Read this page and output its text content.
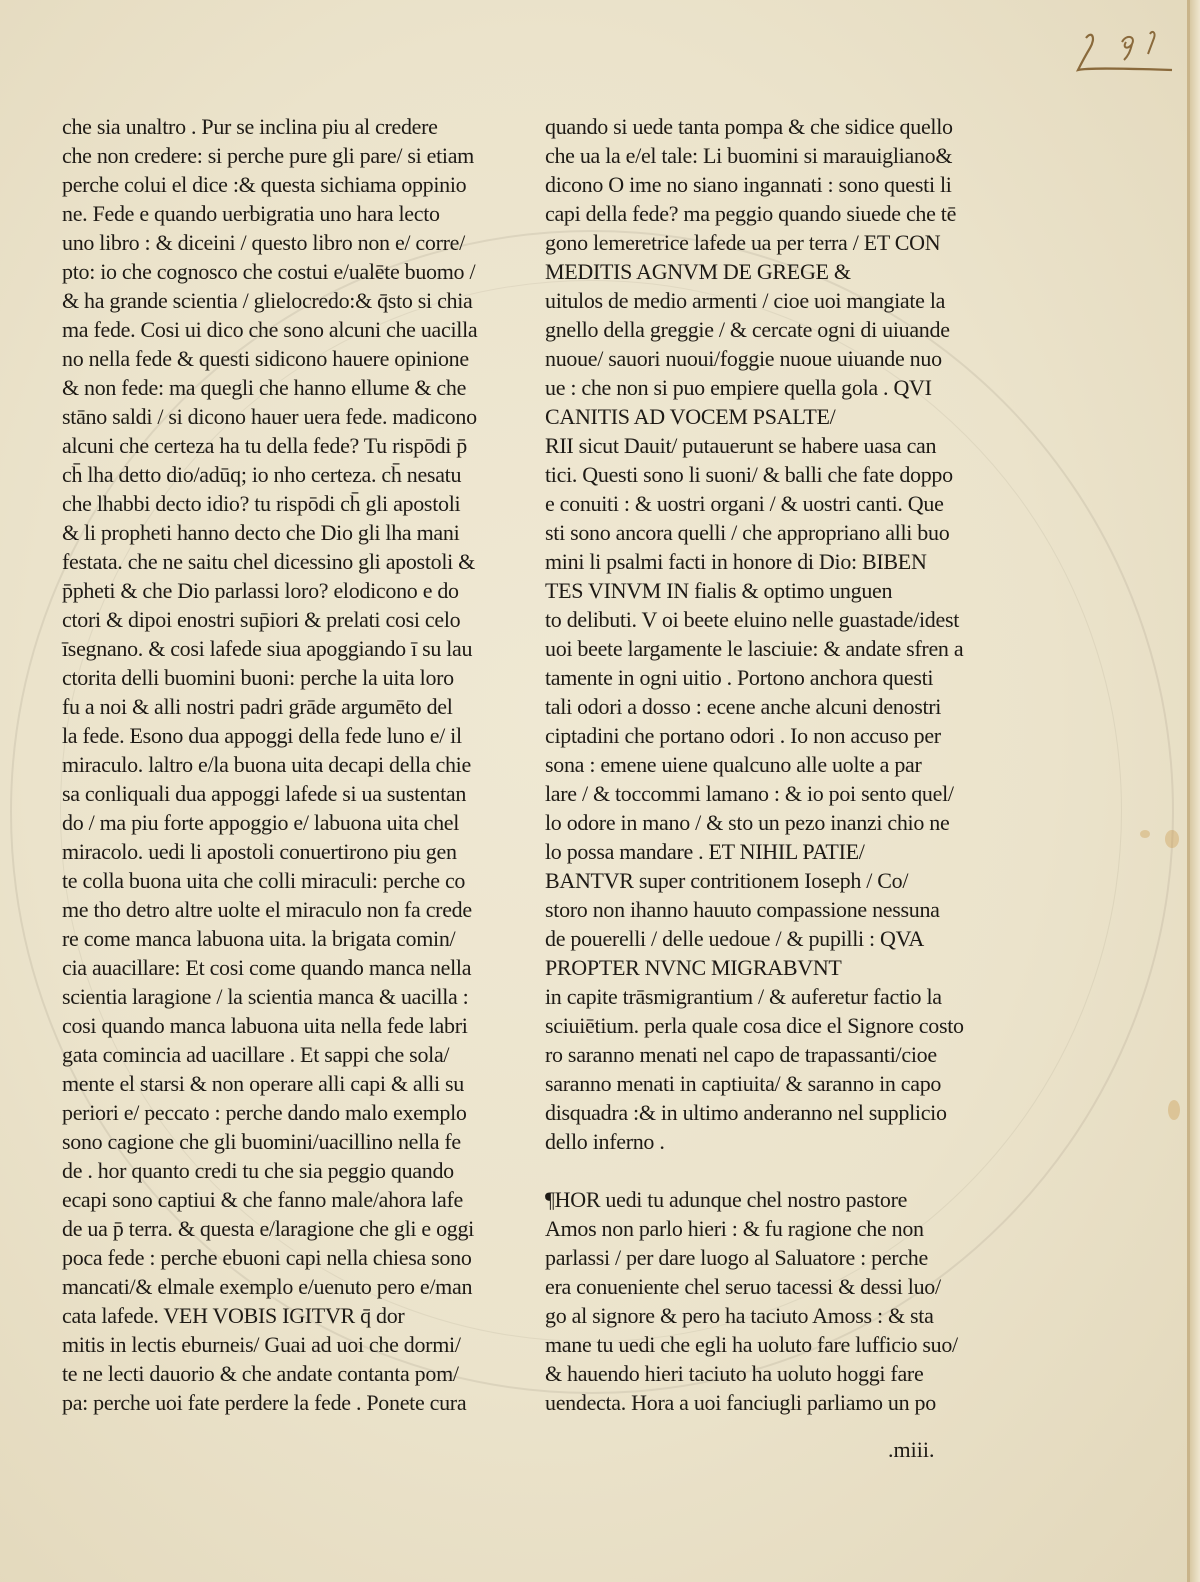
che sia unaltro . Pur se inclina piu al credere
che non credere: si perche pure gli pare/ si etiam
perche colui el dice :& questa sichiama oppinio
ne. Fede e quando uerbigratia uno hara lecto
uno libro : & diceini / questo libro non e/ corre/
pto: io che cognosco che costui e/ualēte buomo /
& ha grande scientia / glielocredo:& q̄sto si chia
ma fede. Cosi ui dico che sono alcuni che uacilla
no nella fede & questi sidicono hauere opinione
& non fede: ma quegli che hanno ellume & che
stāno saldi / si dicono hauer uera fede. madicono
alcuni che certeza ha tu della fede? Tu rispōdi p̄
ch̄ lha detto dio/adūq; io nho certeza. ch̄ nesatu
che lhabbi decto idio? tu rispōdi ch̄ gli apostoli
& li propheti hanno decto che Dio gli lha mani
festata. che ne saitu chel dicessino gli apostoli &
p̄pheti & che Dio parlassi loro? elodicono e do
ctori & dipoi enostri sup̄iori & prelati cosi celo
īsegnano. & cosi lafede siua apoggiando ī su lau
ctorita delli buomini buoni: perche la uita loro
fu a noi & alli nostri padri grāde argumēto del
la fede. Esono dua appoggi della fede luno e/ il
miraculo. laltro e/la buona uita decapi della chie
sa conliquali dua appoggi lafede si ua sustentan
do / ma piu forte appoggio e/ labuona uita chel
miracolo. uedi li apostoli conuertirono piu gen
te colla buona uita che colli miraculi: perche co
me tho detro altre uolte el miraculo non fa crede
re come manca labuona uita. la brigata comin/
cia auacillare: Et cosi come quando manca nella
scientia laragione / la scientia manca & uacilla :
cosi quando manca labuona uita nella fede labri
gata comincia ad uacillare . Et sappi che sola/
mente el starsi & non operare alli capi & alli su
periori e/ peccato : perche dando malo exemplo
sono cagione che gli buomini/uacillino nella fe
de . hor quanto credi tu che sia peggio quando
ecapi sono captiui & che fanno male/ahora lafe
de ua p̄ terra. & questa e/laragione che gli e oggi
poca fede : perche ebuoni capi nella chiesa sono
mancati/& elmale exemplo e/uenuto pero e/man
cata lafede. VEH VOBIS IGITVR q̄ dor
mitis in lectis eburneis/ Guai ad uoi che dormi/
te ne lecti dauorio & che andate contanta pom/
pa: perche uoi fate perdere la fede . Ponete cura
quando si uede tanta pompa & che sidice quello
che ua la e/el tale: Li buomini si marauigliano&
dicono O ime no siano ingannati : sono questi li
capi della fede? ma peggio quando siuede che tē
gono lemeretrice lafede ua per terra / ET CON
MEDITIS AGNVM DE GREGE &
uitulos de medio armenti / cioe uoi mangiate la
gnello della greggie / & cercate ogni di uiuande
nuoue/ sauori nuoui/foggie nuoue uiuande nuo
ue : che non si puo empiere quella gola . QVI
CANITIS AD VOCEM PSALTE/
RII sicut Dauit/ putauerunt se habere uasa can
tici. Questi sono li suoni/ & balli che fate doppo
e conuiti : & uostri organi / & uostri canti. Que
sti sono ancora quelli / che appropriano alli buo
mini li psalmi facti in honore di Dio: BIBEN
TES VINVM IN fialis & optimo unguen
to delibuti. V oi beete eluino nelle guastade/idest
uoi beete largamente le lasciuie: & andate sfren a
tamente in ogni uitio . Portono anchora questi
tali odori a dosso : ecene anche alcuni denostri
ciptadini che portano odori . Io non accuso per
sona : emene uiene qualcuno alle uolte a par
lare / & toccommi lamano : & io poi sento quel/
lo odore in mano / & sto un pezo inanzi chio ne
lo possa mandare . ET NIHIL PATIE/
BANTVR super contritionem Ioseph / Co/
storo non ihanno hauuto compassione nessuna
de pouerelli / delle uedoue / & pupilli : QVA
PROPTER NVNC MIGRABVNT
in capite trāsmigrantium / & auferetur factio la
sciuiētium. perla quale cosa dice el Signore costo
ro saranno menati nel capo de trapassanti/cioe
saranno menati in captiuita/ & saranno in capo
disquadra :& in ultimo anderanno nel supplicio
dello inferno .
¶HOR uedi tu adunque chel nostro pastore
Amos non parlo hieri : & fu ragione che non
parlassi / per dare luogo al Saluatore : perche
era conueniente chel seruo tacessi & dessi luo/
go al signore & pero ha taciuto Amoss : & sta
mane tu uedi che egli ha uoluto fare lufficio suo/
& hauendo hieri taciuto ha uoluto hoggi fare
uendecta. Hora a uoi fanciugli parliamo un po
.miii.
